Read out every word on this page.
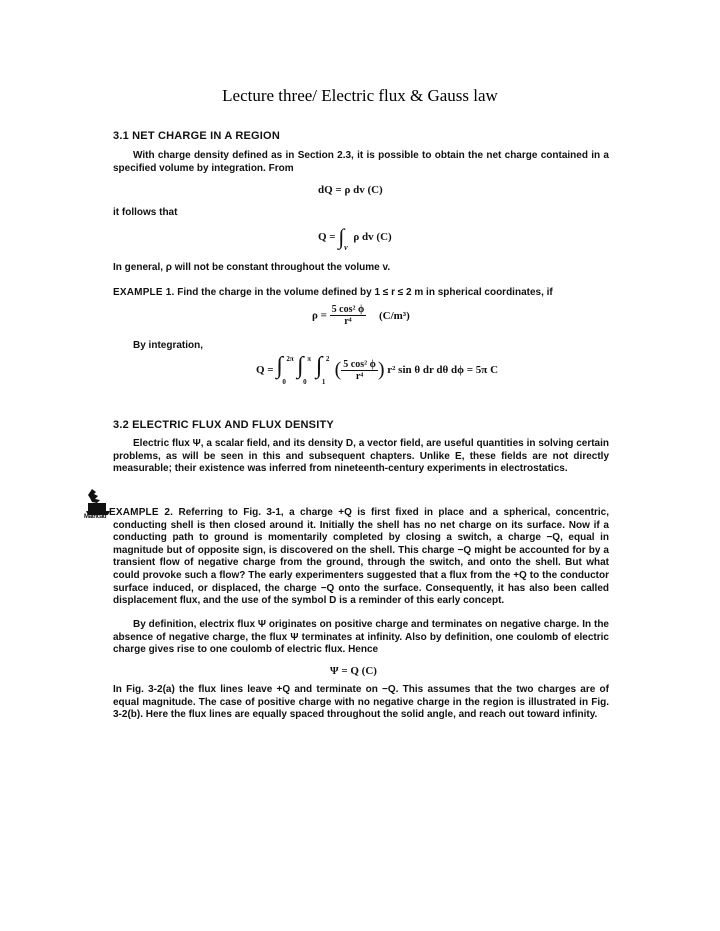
Lecture three/ Electric flux & Gauss law
3.1 NET CHARGE IN A REGION
With charge density defined as in Section 2.3, it is possible to obtain the net charge contained in a specified volume by integration. From
dQ = ρ dv (C)
it follows that
Q = ∫ $_v$ ρ dv (C)
In general, ρ will not be constant throughout the volume v.
EXAMPLE 1. Find the charge in the volume defined by 1 ≤ r ≤ 2 m in spherical coordinates, if
$\rho = \frac{\text{5 cos² ϕ}}{\text{r⁴}} (C/m^3)$
By integration,
Q = ∫ 2π
0

∫ π
0

∫ 2
1
( $\frac{\text{5 cos² ϕ}}{\text{r⁴}}$ ) r² sin θ dr dθ dϕ = 5π C
3.2 ELECTRIC FLUX AND FLUX DENSITY
Electric flux Ψ, a scalar field, and its density D, a vector field, are useful quantities in solving certain problems, as will be seen in this and subsequent chapters. Unlike E, these fields are not directly measurable; their existence was inferred from nineteenth-century experiments in electrostatics.
Mathcad EXAMPLE 2. Referring to Fig. 3-1, a charge +Q is first fixed in place and a spherical, concentric, conducting shell is then closed around it. Initially the shell has no net charge on its surface. Now if a conducting path to ground is momentarily completed by closing a switch, a charge −Q, equal in magnitude but of opposite sign, is discovered on the shell. This charge −Q might be accounted for by a transient flow of negative charge from the ground, through the switch, and onto the shell. But what could provoke such a flow? The early experimenters suggested that a flux from the +Q to the conductor surface induced, or displaced, the charge −Q onto the surface. Consequently, it has also been called displacement flux, and the use of the symbol D is a reminder of this early concept.
By definition, electrix flux Ψ originates on positive charge and terminates on negative charge. In the absence of negative charge, the flux Ψ terminates at infinity. Also by definition, one coulomb of electric charge gives rise to one coulomb of electric flux. Hence
Ψ = Q (C)
In Fig. 3-2(a) the flux lines leave +Q and terminate on −Q. This assumes that the two charges are of equal magnitude. The case of positive charge with no negative charge in the region is illustrated in Fig. 3-2(b). Here the flux lines are equally spaced throughout the solid angle, and reach out toward infinity.
